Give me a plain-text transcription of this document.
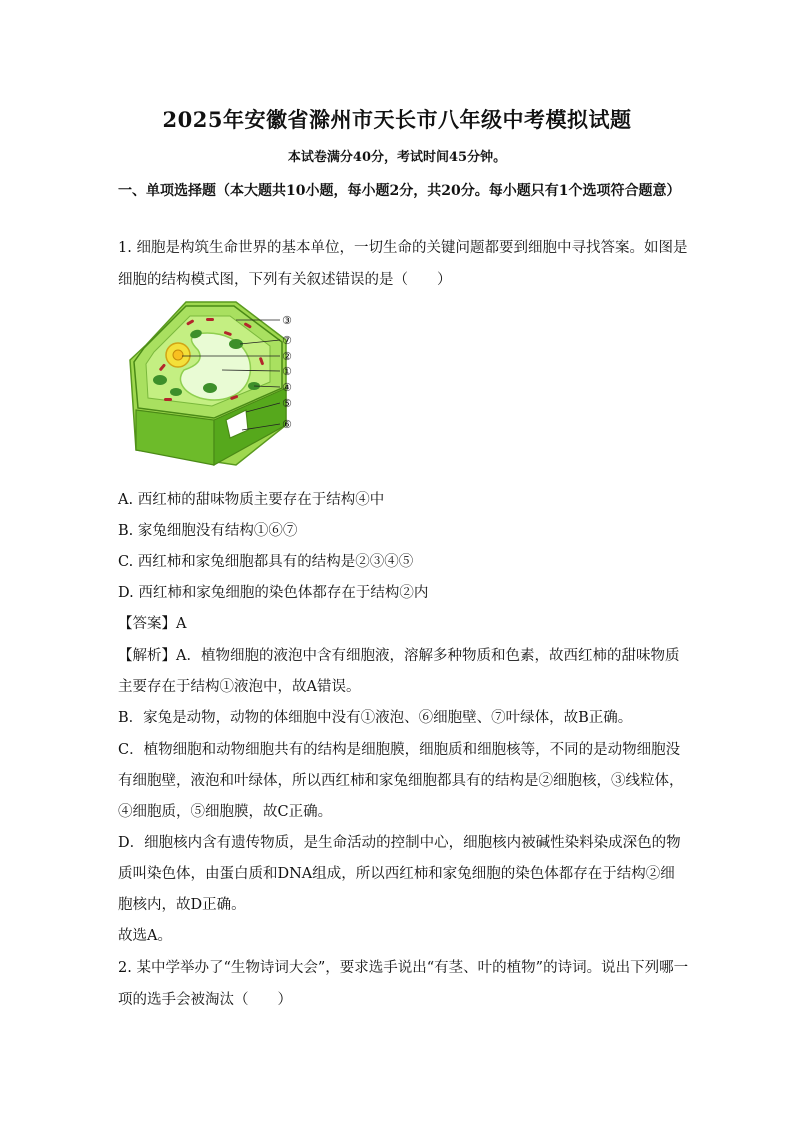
2025年安徽省滁州市天长市八年级中考模拟试题
本试卷满分40分，考试时间45分钟。
一、单项选择题（本大题共10小题，每小题2分，共20分。每小题只有1个选项符合题意）
1. 细胞是构筑生命世界的基本单位，一切生命的关键问题都要到细胞中寻找答案。如图是
细胞的结构模式图，下列有关叙述错误的是（　　）
③
⑦
②
①
④
⑤
⑥
A. 西红柿的甜味物质主要存在于结构④中
B. 家兔细胞没有结构①⑥⑦
C. 西红柿和家兔细胞都具有的结构是②③④⑤
D. 西红柿和家兔细胞的染色体都存在于结构②内
【答案】A
【解析】A．植物细胞的液泡中含有细胞液，溶解多种物质和色素，故西红柿的甜味物质
主要存在于结构①液泡中，故A错误。
B．家兔是动物，动物的体细胞中没有①液泡、⑥细胞壁、⑦叶绿体，故B正确。
C．植物细胞和动物细胞共有的结构是细胞膜，细胞质和细胞核等，不同的是动物细胞没
有细胞壁，液泡和叶绿体，所以西红柿和家兔细胞都具有的结构是②细胞核，③线粒体，
④细胞质，⑤细胞膜，故C正确。
D．细胞核内含有遗传物质，是生命活动的控制中心，细胞核内被碱性染料染成深色的物
质叫染色体，由蛋白质和DNA组成，所以西红柿和家兔细胞的染色体都存在于结构②细
胞核内，故D正确。
故选A。
2. 某中学举办了“生物诗词大会”，要求选手说出“有茎、叶的植物”的诗词。说出下列哪一
项的选手会被淘汰（　　）
